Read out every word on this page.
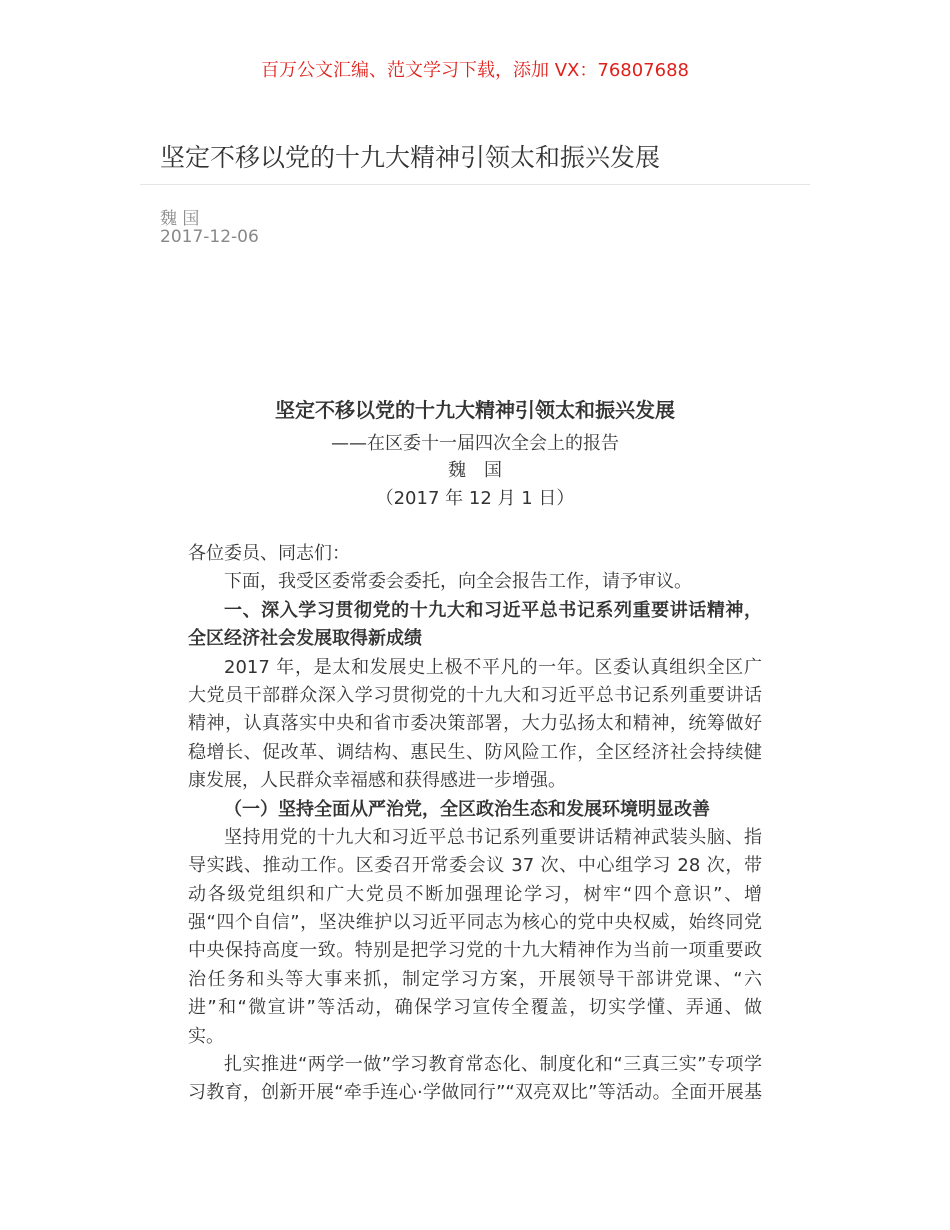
百万公文汇编、范文学习下载，添加 VX：76807688
坚定不移以党的十九大精神引领太和振兴发展
魏 国
2017-12-06
坚定不移以党的十九大精神引领太和振兴发展
——在区委十一届四次全会上的报告
魏　国
（2017 年 12 月 1 日）
各位委员、同志们：
下面，我受区委常委会委托，向全会报告工作，请予审议。
一、深入学习贯彻党的十九大和习近平总书记系列重要讲话精神，
全区经济社会发展取得新成绩
2017 年，是太和发展史上极不平凡的一年。区委认真组织全区广
大党员干部群众深入学习贯彻党的十九大和习近平总书记系列重要讲话
精神，认真落实中央和省市委决策部署，大力弘扬太和精神，统筹做好
稳增长、促改革、调结构、惠民生、防风险工作，全区经济社会持续健
康发展，人民群众幸福感和获得感进一步增强。
（一）坚持全面从严治党，全区政治生态和发展环境明显改善
坚持用党的十九大和习近平总书记系列重要讲话精神武装头脑、指
导实践、推动工作。区委召开常委会议 37 次、中心组学习 28 次，带
动各级党组织和广大党员不断加强理论学习，树牢“四个意识”、增
强“四个自信”，坚决维护以习近平同志为核心的党中央权威，始终同党
中央保持高度一致。特别是把学习党的十九大精神作为当前一项重要政
治任务和头等大事来抓，制定学习方案，开展领导干部讲党课、“六
进”和“微宣讲”等活动，确保学习宣传全覆盖，切实学懂、弄通、做
实。
扎实推进“两学一做”学习教育常态化、制度化和“三真三实”专项学
习教育，创新开展“牵手连心·学做同行”“双亮双比”等活动。全面开展基
